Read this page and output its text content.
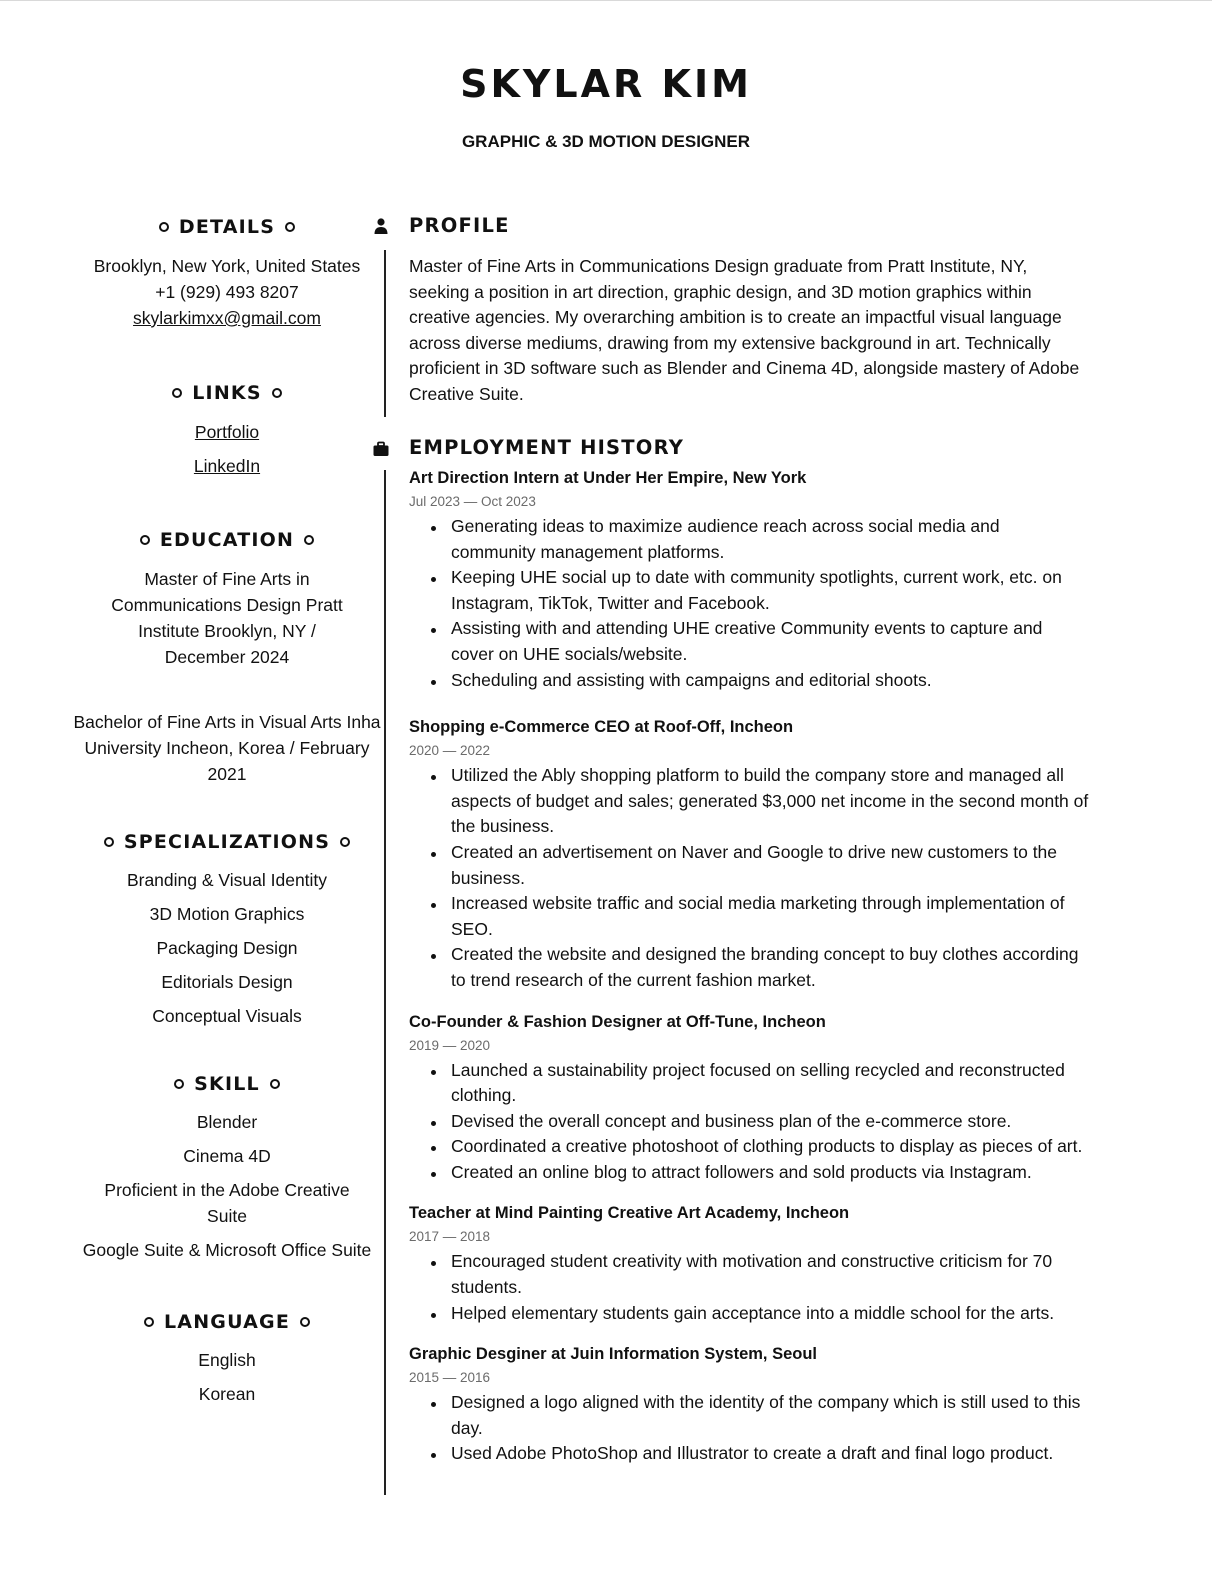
SKYLAR KIM
GRAPHIC & 3D MOTION DESIGNER
DETAILS
Brooklyn, New York, United States
+1 (929) 493 8207
skylarkimxx@gmail.com
LINKS
Portfolio
LinkedIn
EDUCATION
Master of Fine Arts in Communications Design Pratt Institute Brooklyn, NY / December 2024
Bachelor of Fine Arts in Visual Arts Inha University Incheon, Korea / February 2021
SPECIALIZATIONS
Branding & Visual Identity
3D Motion Graphics
Packaging Design
Editorials Design
Conceptual Visuals
SKILL
Blender
Cinema 4D
Proficient in the Adobe Creative Suite
Google Suite & Microsoft Office Suite
LANGUAGE
English
Korean
PROFILE
Master of Fine Arts in Communications Design graduate from Pratt Institute, NY, seeking a position in art direction, graphic design, and 3D motion graphics within creative agencies. My overarching ambition is to create an impactful visual language across diverse mediums, drawing from my extensive background in art. Technically proficient in 3D software such as Blender and Cinema 4D, alongside mastery of Adobe Creative Suite.
EMPLOYMENT HISTORY
Art Direction Intern at Under Her Empire, New York
Jul 2023 — Oct 2023
Generating ideas to maximize audience reach across social media and community management platforms.
Keeping UHE social up to date with community spotlights, current work, etc. on Instagram, TikTok, Twitter and Facebook.
Assisting with and attending UHE creative Community events to capture and cover on UHE socials/website.
Scheduling and assisting with campaigns and editorial shoots.
Shopping e-Commerce CEO at Roof-Off, Incheon
2020 — 2022
Utilized the Ably shopping platform to build the company store and managed all aspects of budget and sales; generated $3,000 net income in the second month of the business.
Created an advertisement on Naver and Google to drive new customers to the business.
Increased website traffic and social media marketing through implementation of SEO.
Created the website and designed the branding concept to buy clothes according to trend research of the current fashion market.
Co-Founder & Fashion Designer at Off-Tune, Incheon
2019 — 2020
Launched a sustainability project focused on selling recycled and reconstructed clothing.
Devised the overall concept and business plan of the e-commerce store.
Coordinated a creative photoshoot of clothing products to display as pieces of art.
Created an online blog to attract followers and sold products via Instagram.
Teacher at Mind Painting Creative Art Academy, Incheon
2017 — 2018
Encouraged student creativity with motivation and constructive criticism for 70 students.
Helped elementary students gain acceptance into a middle school for the arts.
Graphic Desginer at Juin Information System, Seoul
2015 — 2016
Designed a logo aligned with the identity of the company which is still used to this day.
Used Adobe PhotoShop and Illustrator to create a draft and final logo product.
